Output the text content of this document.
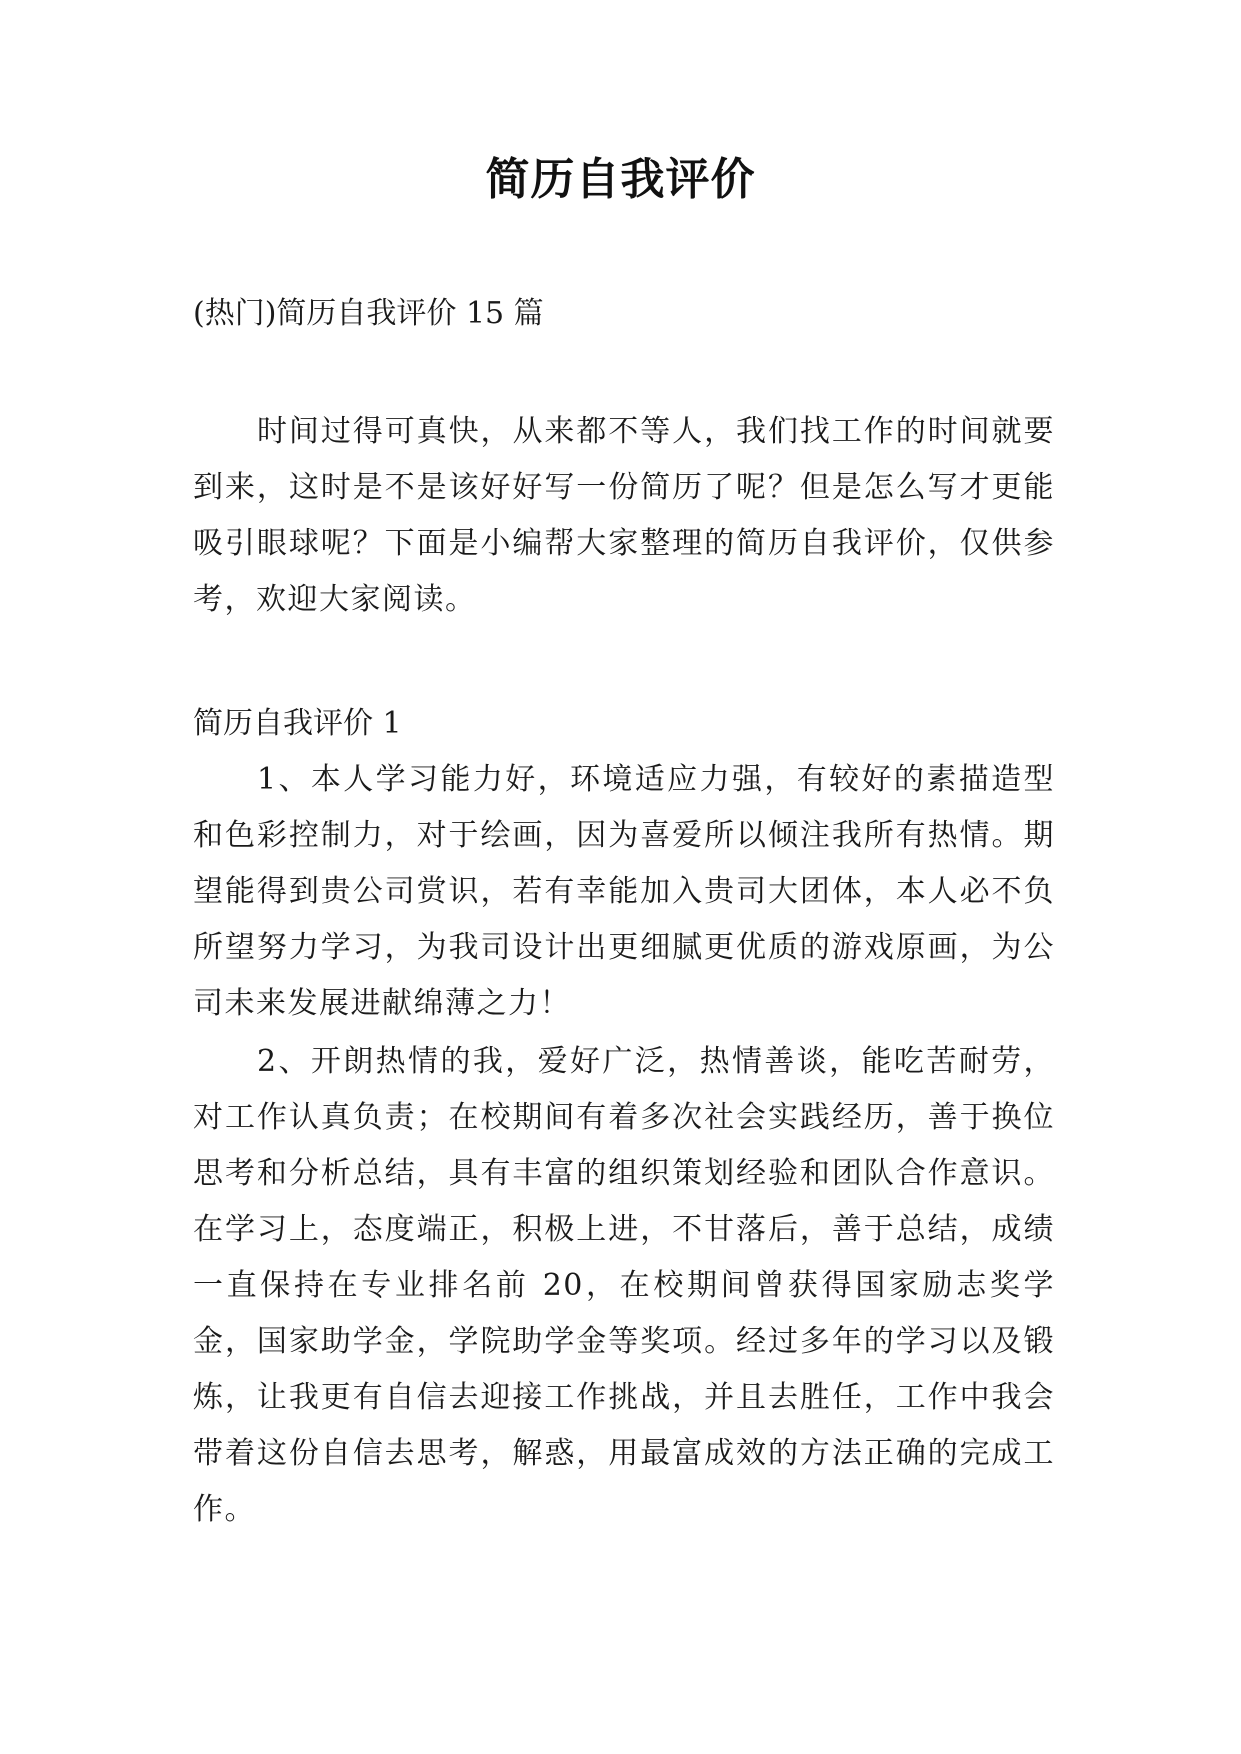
简历自我评价
(热门)简历自我评价 15 篇

时间过得可真快，从来都不等人，我们找工作的时间就要到来，这时是不是该好好写一份简历了呢？但是怎么写才更能吸引眼球呢？下面是小编帮大家整理的简历自我评价，仅供参考，欢迎大家阅读。

简历自我评价 1

1、本人学习能力好，环境适应力强，有较好的素描造型和色彩控制力，对于绘画，因为喜爱所以倾注我所有热情。期望能得到贵公司赏识，若有幸能加入贵司大团体，本人必不负所望努力学习，为我司设计出更细腻更优质的游戏原画，为公司未来发展进献绵薄之力！

2、开朗热情的我，爱好广泛，热情善谈，能吃苦耐劳，对工作认真负责；在校期间有着多次社会实践经历，善于换位思考和分析总结，具有丰富的组织策划经验和团队合作意识。在学习上，态度端正，积极上进，不甘落后，善于总结，成绩一直保持在专业排名前 20，在校期间曾获得国家励志奖学金，国家助学金，学院助学金等奖项。经过多年的学习以及锻炼，让我更有自信去迎接工作挑战，并且去胜任，工作中我会带着这份自信去思考，解惑，用最富成效的方法正确的完成工作。
